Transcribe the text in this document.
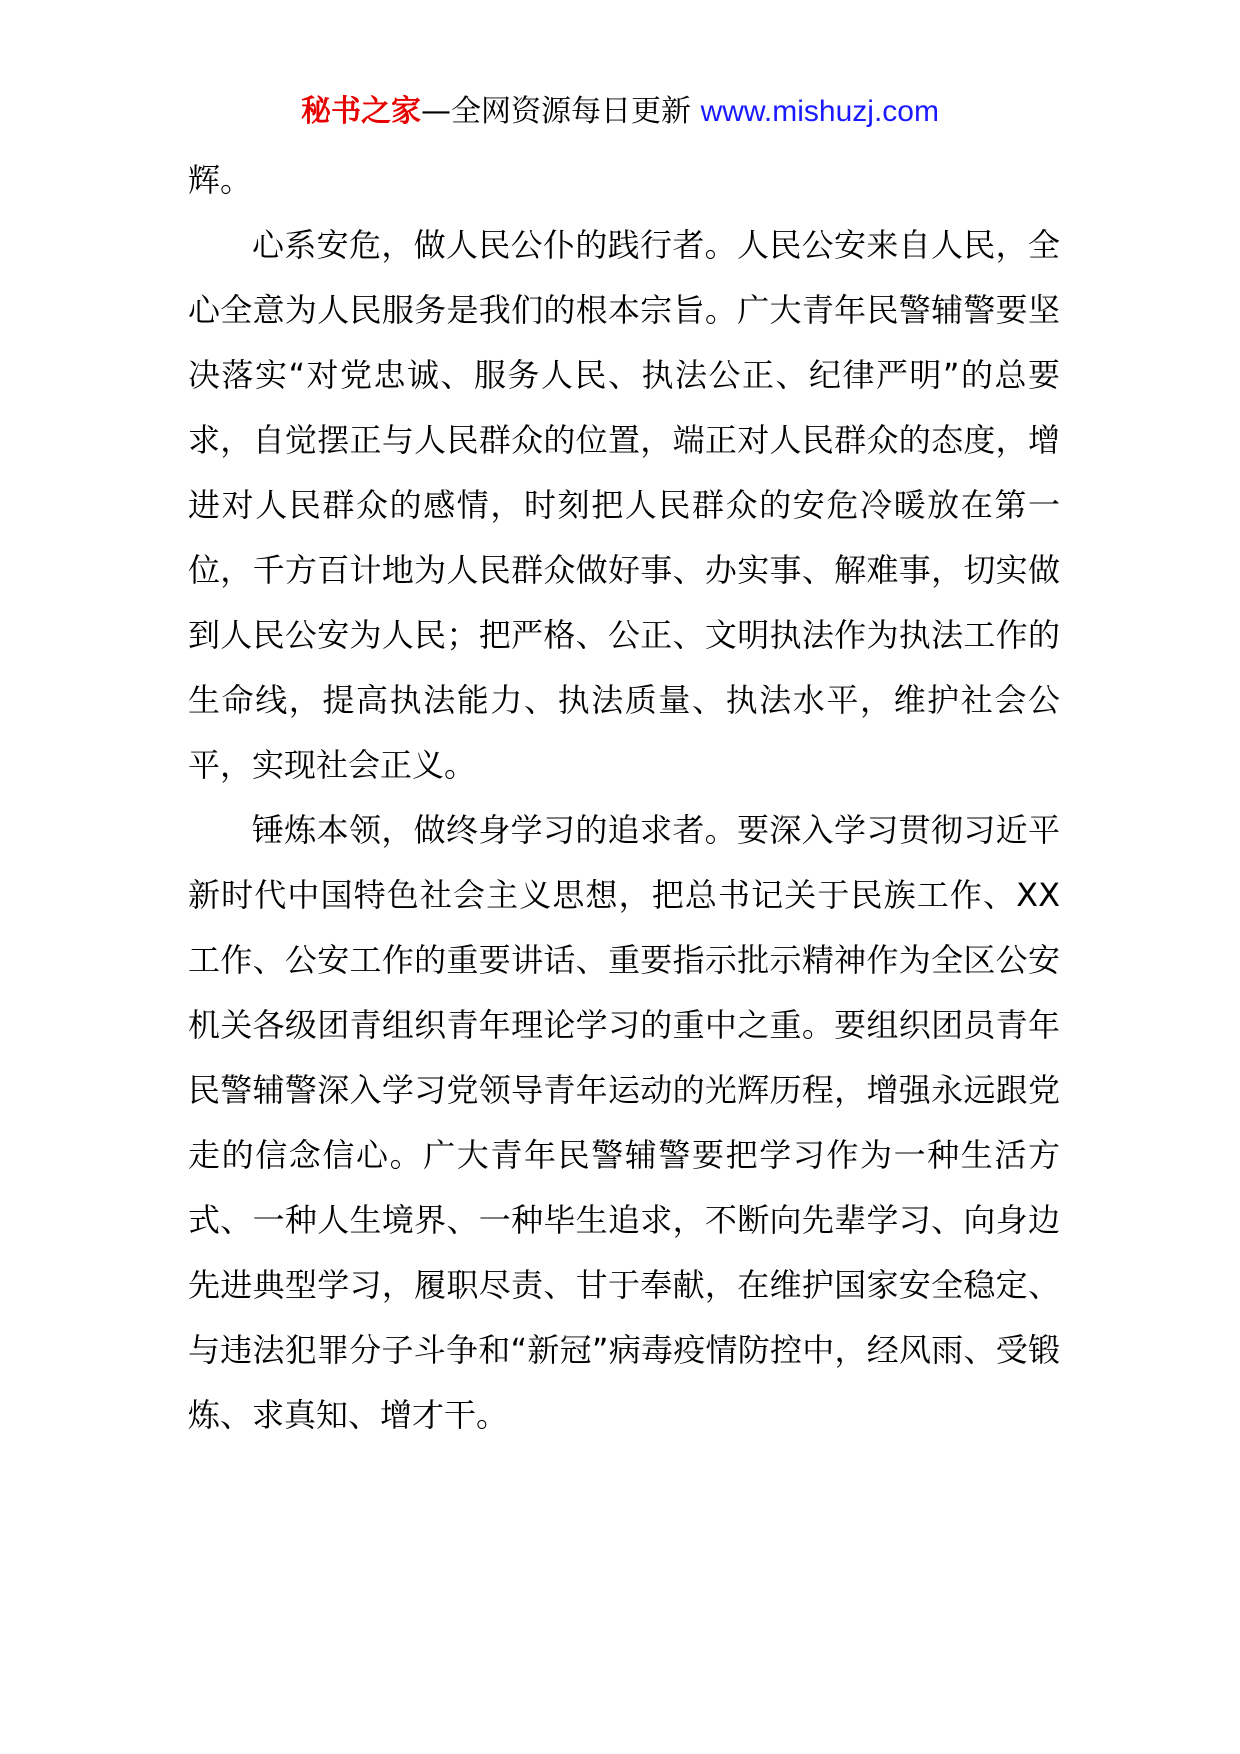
秘书之家—全网资源每日更新 www.mishuzj.com

辉。

心系安危，做人民公仆的践行者。人民公安来自人民，全心全意为人民服务是我们的根本宗旨。广大青年民警辅警要坚决落实“对党忠诚、服务人民、执法公正、纪律严明”的总要求，自觉摆正与人民群众的位置，端正对人民群众的态度，增进对人民群众的感情，时刻把人民群众的安危冷暖放在第一位，千方百计地为人民群众做好事、办实事、解难事，切实做到人民公安为人民；把严格、公正、文明执法作为执法工作的生命线，提高执法能力、执法质量、执法水平，维护社会公平，实现社会正义。

锤炼本领，做终身学习的追求者。要深入学习贯彻习近平新时代中国特色社会主义思想，把总书记关于民族工作、XX 工作、公安工作的重要讲话、重要指示批示精神作为全区公安机关各级团青组织青年理论学习的重中之重。要组织团员青年民警辅警深入学习党领导青年运动的光辉历程，增强永远跟党走的信念信心。广大青年民警辅警要把学习作为一种生活方式、一种人生境界、一种毕生追求，不断向先辈学习、向身边先进典型学习，履职尽责、甘于奉献，在维护国家安全稳定、与违法犯罪分子斗争和“新冠”病毒疫情防控中，经风雨、受锻炼、求真知、增才干。
